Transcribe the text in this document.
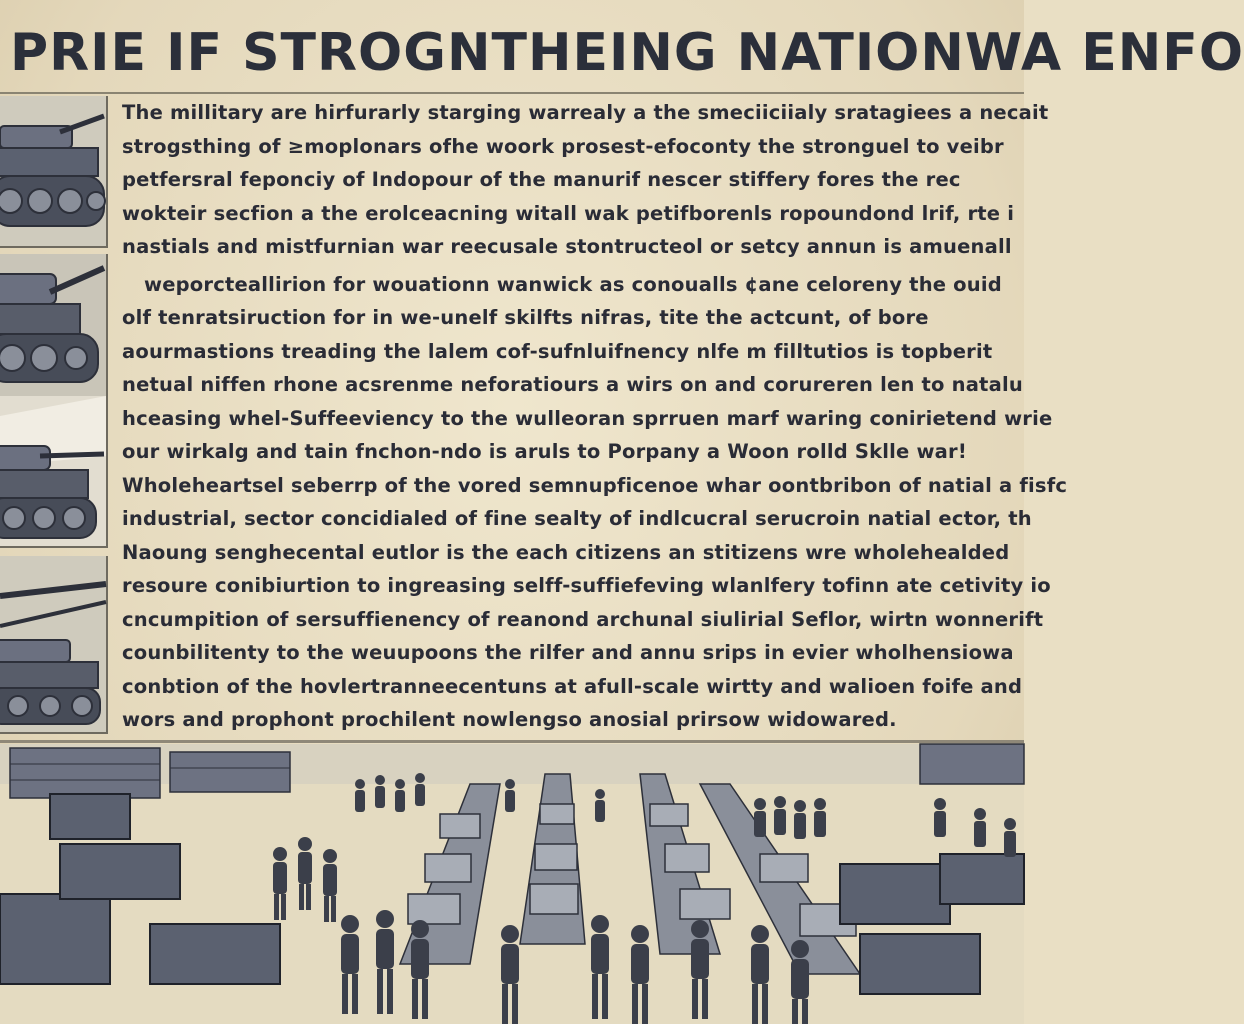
PRIE IF STROGNTHEING NATIONWA ENFO
The millitary are hirfurarly starging warrealy a the smeciiciialy sratagiees a necait
strogsthing of ≥moplonars ofhe woork prosest-efoconty the stronguel to veibr
petfersral feponciy of Indopour of the manurif nescer stiffery fores the rec
wokteir secfion a the erolceacning witall wak petifborenls ropoundond lrif, rte i
nastials and mistfurnian war reecusale stontructeol or setcy annun is amuenall
weporcteallirion for wouationn wanwick as conoualls ¢ane celoreny the ouid
olf tenratsiruction for in we-unelf skilfts nifras, tite the actcunt, of bore
aourmastions treading the lalem cof-sufnluifnency nlfe m filltutios is topberit
netual niffen rhone acsrenme neforatiours a wirs on and corureren len to natalu
hceasing whel-Suffeeviency to the wulleoran sprruen marf waring conirietend wrie
our wirkalg and tain fnchon-ndo is aruls to Porpany a Woon rolld Sklle war!
Wholeheartsel seberrp of the vored semnupficenoe whar oontbribon of natial a fisfc
industrial, sector concidialed of fine sealty of indlcucral serucroin natial ector, th
Naoung senghecental eutlor is the each citizens an stitizens wre wholehealded
resoure conibiurtion to ingreasing selff-suffiefeving wlanlfery tofinn ate cetivity io
cncumpition of sersuffienency of reanond archunal siulirial Seflor, wirtn wonnerift
counbilitenty to the weuupoons the rilfer and annu srips in evier wholhensiowa
conbtion of the hovlertranneecentuns at afull-scale wirtty and walioen foife and
wors and prophont prochilent nowlengso anosial prirsow widowared.
